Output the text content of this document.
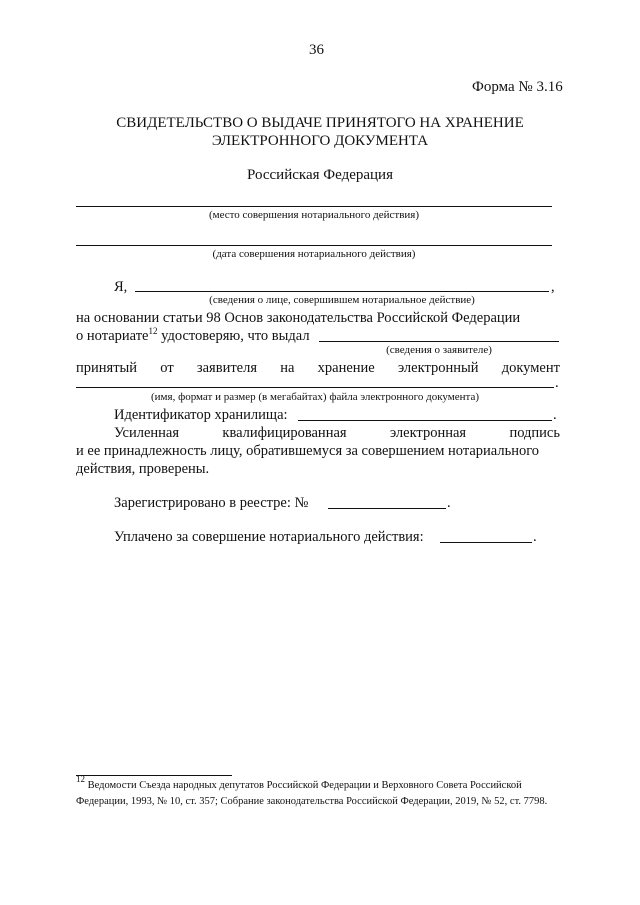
36
Форма № 3.16
СВИДЕТЕЛЬСТВО О ВЫДАЧЕ ПРИНЯТОГО НА ХРАНЕНИЕ
ЭЛЕКТРОННОГО ДОКУМЕНТА
Российская Федерация
(место совершения нотариального действия)
(дата совершения нотариального действия)
Я,	,
(сведения о лице, совершившем нотариальное действие)
на основании статьи 98 Основ законодательства Российской Федерации
о нотариате$^{12}$ удостоверяю, что выдал
(сведения о заявителе)
принятый от заявителя на хранение электронный документ
.
(имя, формат и размер (в мегабайтах) файла электронного документа)
Идентификатор хранилища:	.
Усиленная	квалифицированная	электронная	подпись
и ее принадлежность лицу, обратившемуся за совершением нотариального
действия, проверены.
Зарегистрировано в реестре: №	.
Уплачено за совершение нотариального действия:	.
$^{12}$ Ведомости Съезда народных депутатов Российской Федерации и Верховного Совета Российской
Федерации, 1993, № 10, ст. 357; Собрание законодательства Российской Федерации, 2019, № 52, ст. 7798.
